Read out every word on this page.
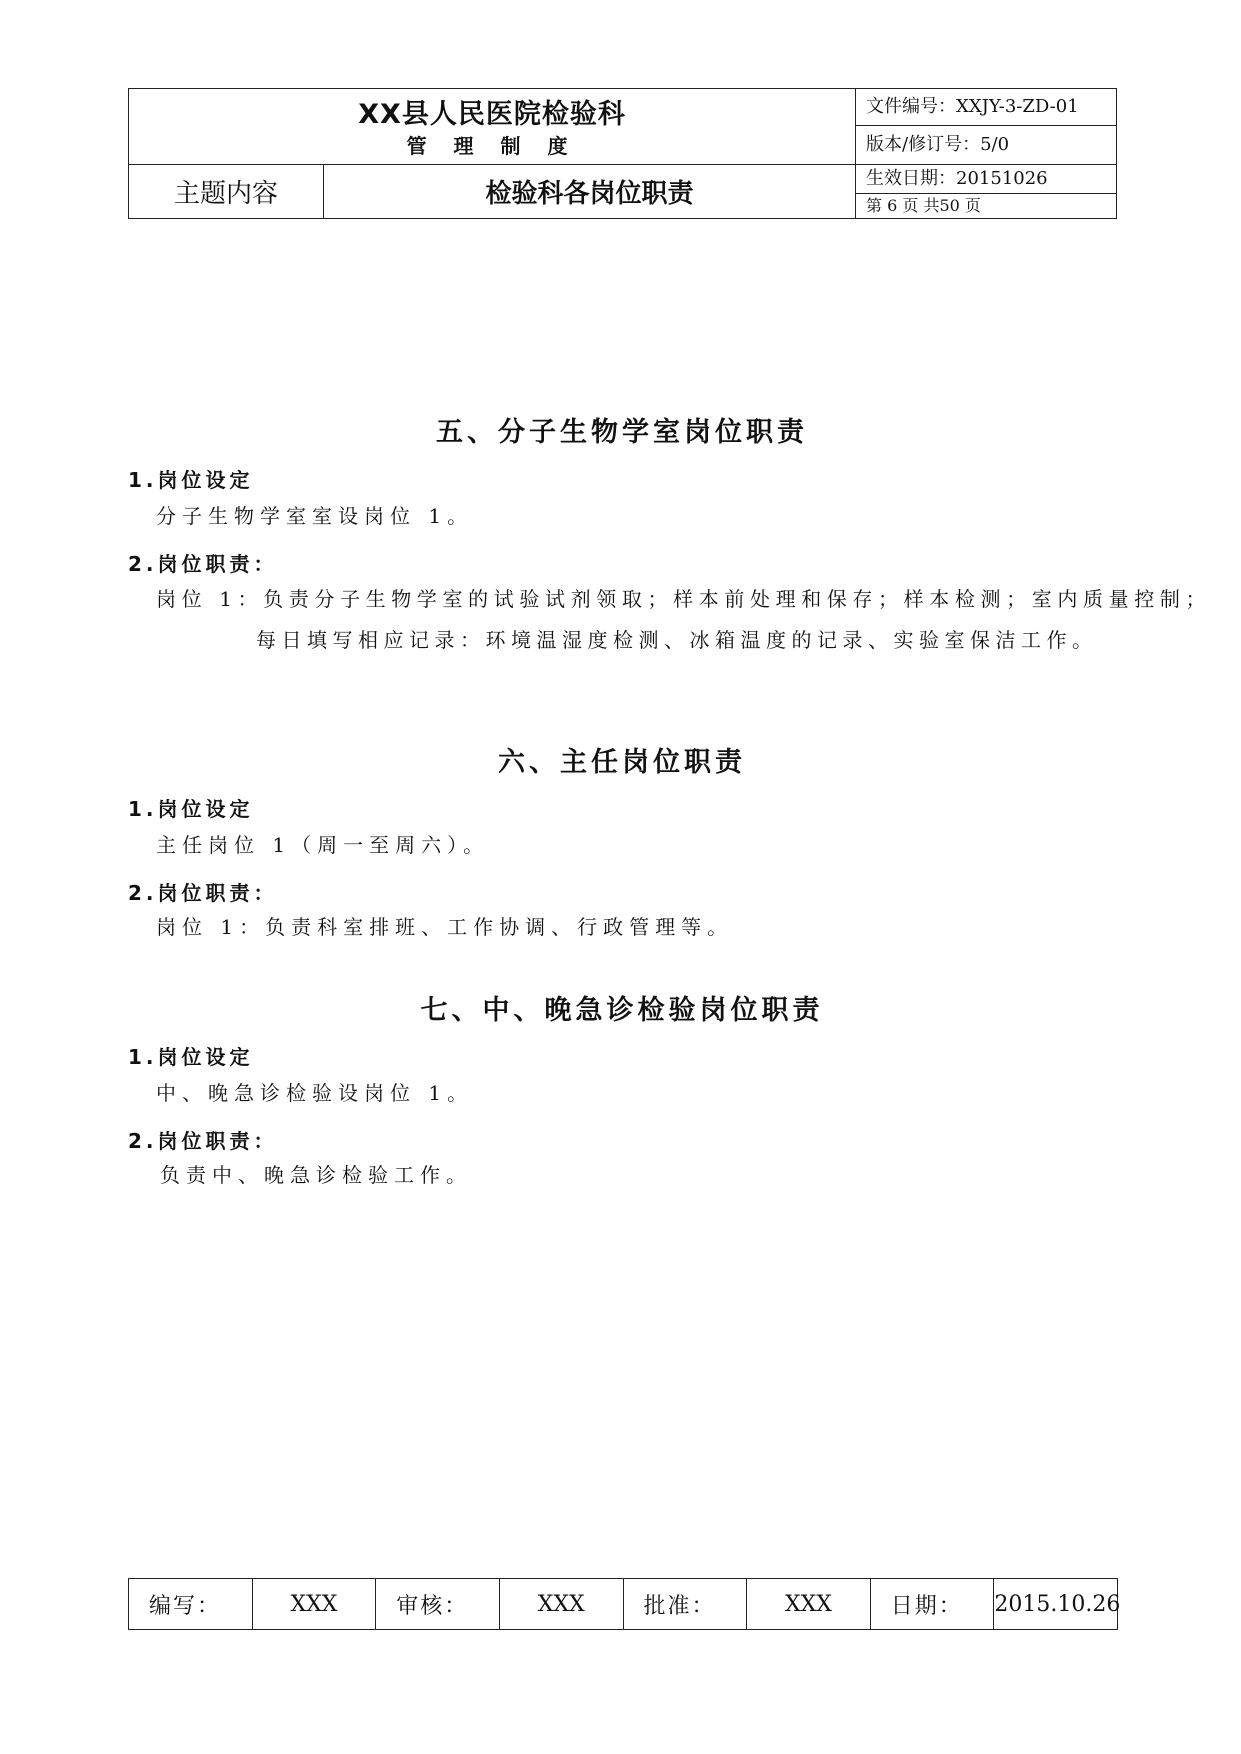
XX县人民医院检验科
管 理 制 度		文件编号：XXJY-3-ZD-01
		版本/修订号：5/0
主题内容	检验科各岗位职责	生效日期：20151026
		第 6 页 共50 页
五、分子生物学室岗位职责

1.岗位设定

分子生物学室室设岗位 1。

2.岗位职责：

岗位 1：负责分子生物学室的试验试剂领取；样本前处理和保存；样本检测；室内质量控制；每日填写相应记录：环境温湿度检测、冰箱温度的记录、实验室保洁工作。

六、主任岗位职责

1.岗位设定

主任岗位 1（周一至周六）。

2.岗位职责：

岗位 1：负责科室排班、工作协调、行政管理等。

七、中、晚急诊检验岗位职责

1.岗位设定

中、晚急诊检验设岗位 1。

2.岗位职责：

负责中、晚急诊检验工作。

编写：	XXX	审核：	XXX	批准：	XXX	日期：	2015.10.26
